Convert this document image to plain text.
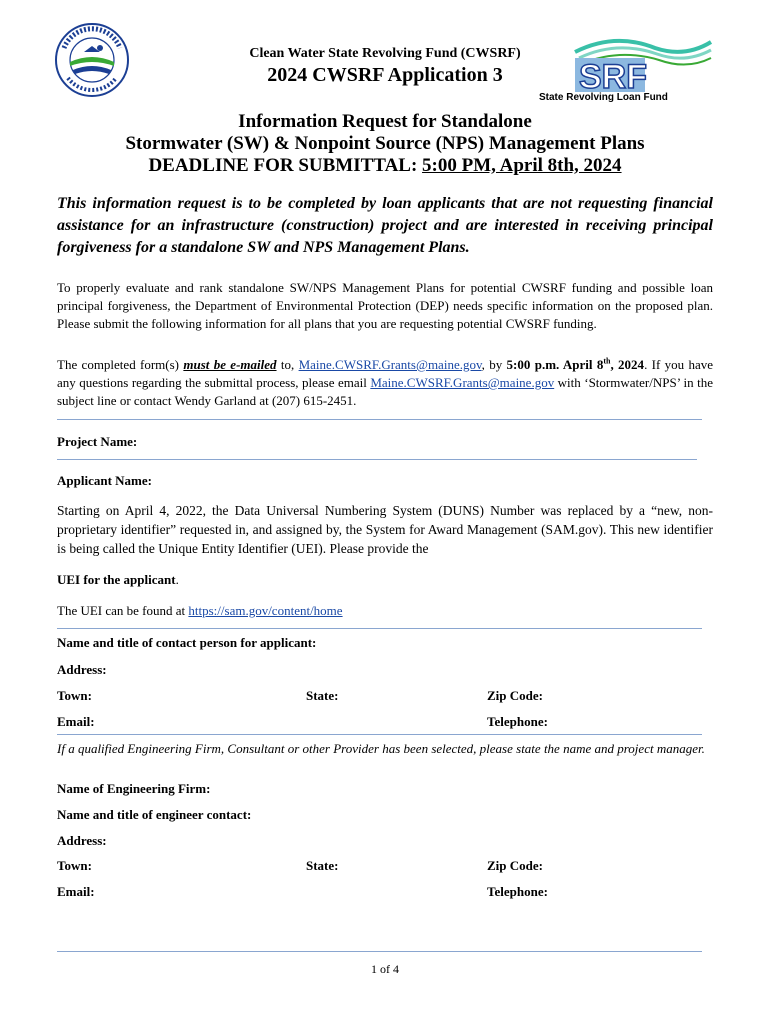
SRF
State Revolving Loan Fund
Clean Water State Revolving Fund (CWSRF)
2024 CWSRF Application 3
Information Request for Standalone
Stormwater (SW) & Nonpoint Source (NPS) Management Plans
DEADLINE FOR SUBMITTAL: 5:00 PM, April 8th, 2024
This information request is to be completed by loan applicants that are not requesting financial assistance for an infrastructure (construction) project and are interested in receiving principal forgiveness for a standalone SW and NPS Management Plans.
To properly evaluate and rank standalone SW/NPS Management Plans for potential CWSRF funding and possible loan principal forgiveness, the Department of Environmental Protection (DEP) needs specific information on the proposed plan. Please submit the following information for all plans that you are requesting potential CWSRF funding.
The completed form(s) must be e-mailed to, Maine.CWSRF.Grants@maine.gov, by 5:00 p.m. April 8th, 2024. If you have any questions regarding the submittal process, please email Maine.CWSRF.Grants@maine.gov with ‘Stormwater/NPS’ in the subject line or contact Wendy Garland at (207) 615-2451.
Project Name:
Applicant Name:
Starting on April 4, 2022, the Data Universal Numbering System (DUNS) Number was replaced by a “new, non-proprietary identifier” requested in, and assigned by, the System for Award Management (SAM.gov). This new identifier is being called the Unique Entity Identifier (UEI). Please provide the
UEI for the applicant.
The UEI can be found at https://sam.gov/content/home
Name and title of contact person for applicant:
Address:
Town:	State:	Zip Code:
Email:	Telephone:
If a qualified Engineering Firm, Consultant or other Provider has been selected, please state the name and project manager.
Name of Engineering Firm:
Name and title of engineer contact:
Address:
Town:	State:	Zip Code:
Email:	Telephone:
1 of 4
